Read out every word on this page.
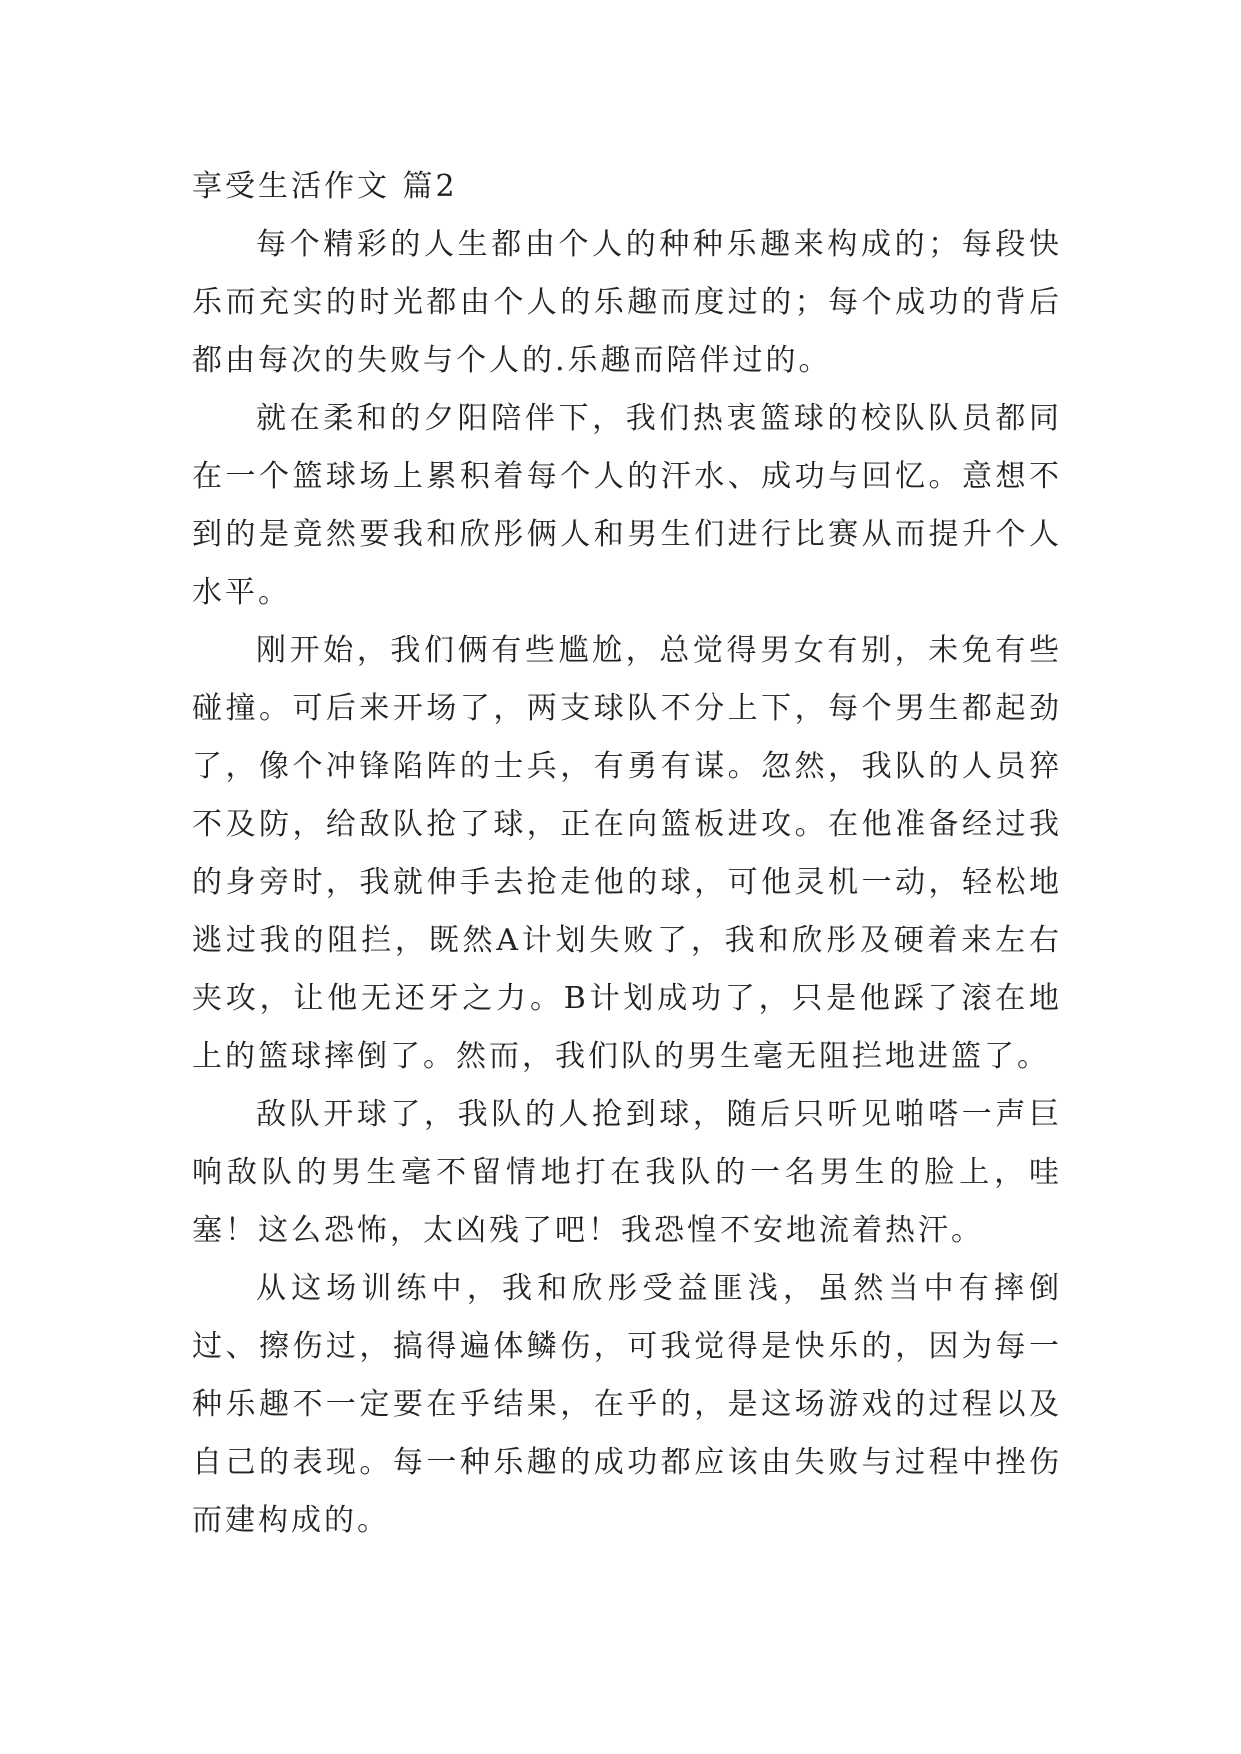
享受生活作文 篇2

每个精彩的人生都由个人的种种乐趣来构成的；每段快乐而充实的时光都由个人的乐趣而度过的；每个成功的背后都由每次的失败与个人的.乐趣而陪伴过的。

就在柔和的夕阳陪伴下，我们热衷篮球的校队队员都同在一个篮球场上累积着每个人的汗水、成功与回忆。意想不到的是竟然要我和欣彤俩人和男生们进行比赛从而提升个人水平。

刚开始，我们俩有些尴尬，总觉得男女有别，未免有些碰撞。可后来开场了，两支球队不分上下，每个男生都起劲了，像个冲锋陷阵的士兵，有勇有谋。忽然，我队的人员猝不及防，给敌队抢了球，正在向篮板进攻。在他准备经过我的身旁时，我就伸手去抢走他的球，可他灵机一动，轻松地逃过我的阻拦，既然A计划失败了，我和欣彤及硬着来左右夹攻，让他无还牙之力。B计划成功了，只是他踩了滚在地上的篮球摔倒了。然而，我们队的男生毫无阻拦地进篮了。

敌队开球了，我队的人抢到球，随后只听见啪嗒一声巨响敌队的男生毫不留情地打在我队的一名男生的脸上，哇塞！这么恐怖，太凶残了吧！我恐惶不安地流着热汗。

从这场训练中，我和欣彤受益匪浅，虽然当中有摔倒过、擦伤过，搞得遍体鳞伤，可我觉得是快乐的，因为每一种乐趣不一定要在乎结果，在乎的，是这场游戏的过程以及自己的表现。每一种乐趣的成功都应该由失败与过程中挫伤而建构成的。
